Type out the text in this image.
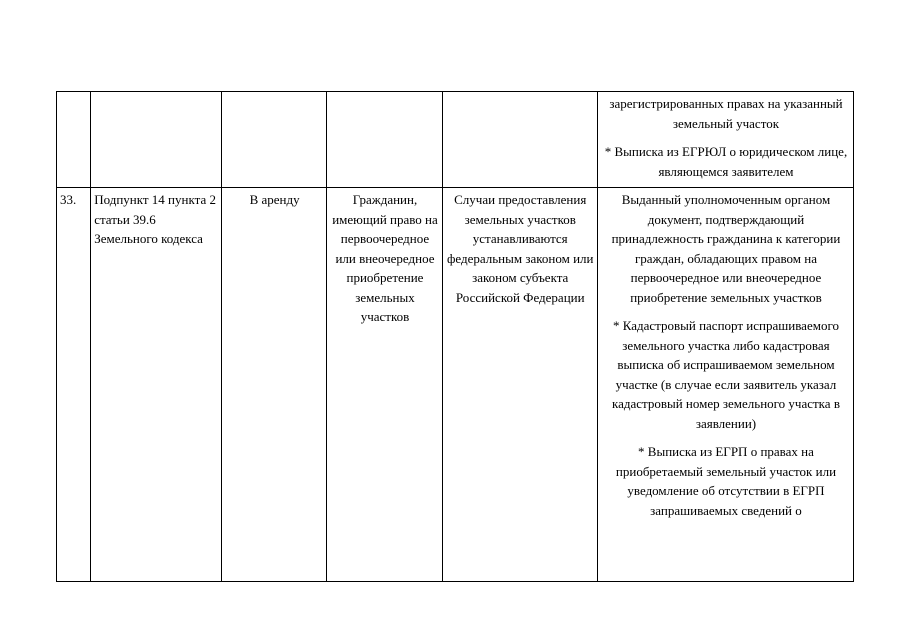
					зарегистрированных правах на указанный земельный участок

* Выписка из ЕГРЮЛ о юридическом лице, являющемся заявителем

33.	Подпункт 14 пункта 2 статьи 39.6 Земельного кодекса	В аренду	Гражданин, имеющий право на первоочередное или внеочередное приобретение земельных участков	Случаи предоставления земельных участков устанавливаются федеральным законом или законом субъекта Российской Федерации	Выданный уполномоченным органом документ, подтверждающий принадлежность гражданина к категории граждан, обладающих правом на первоочередное или внеочередное приобретение земельных участков

* Кадастровый паспорт испрашиваемого земельного участка либо кадастровая выписка об испрашиваемом земельном участке (в случае если заявитель указал кадастровый номер земельного участка в заявлении)

* Выписка из ЕГРП о правах на приобретаемый земельный участок или уведомление об отсутствии в ЕГРП запрашиваемых сведений о
